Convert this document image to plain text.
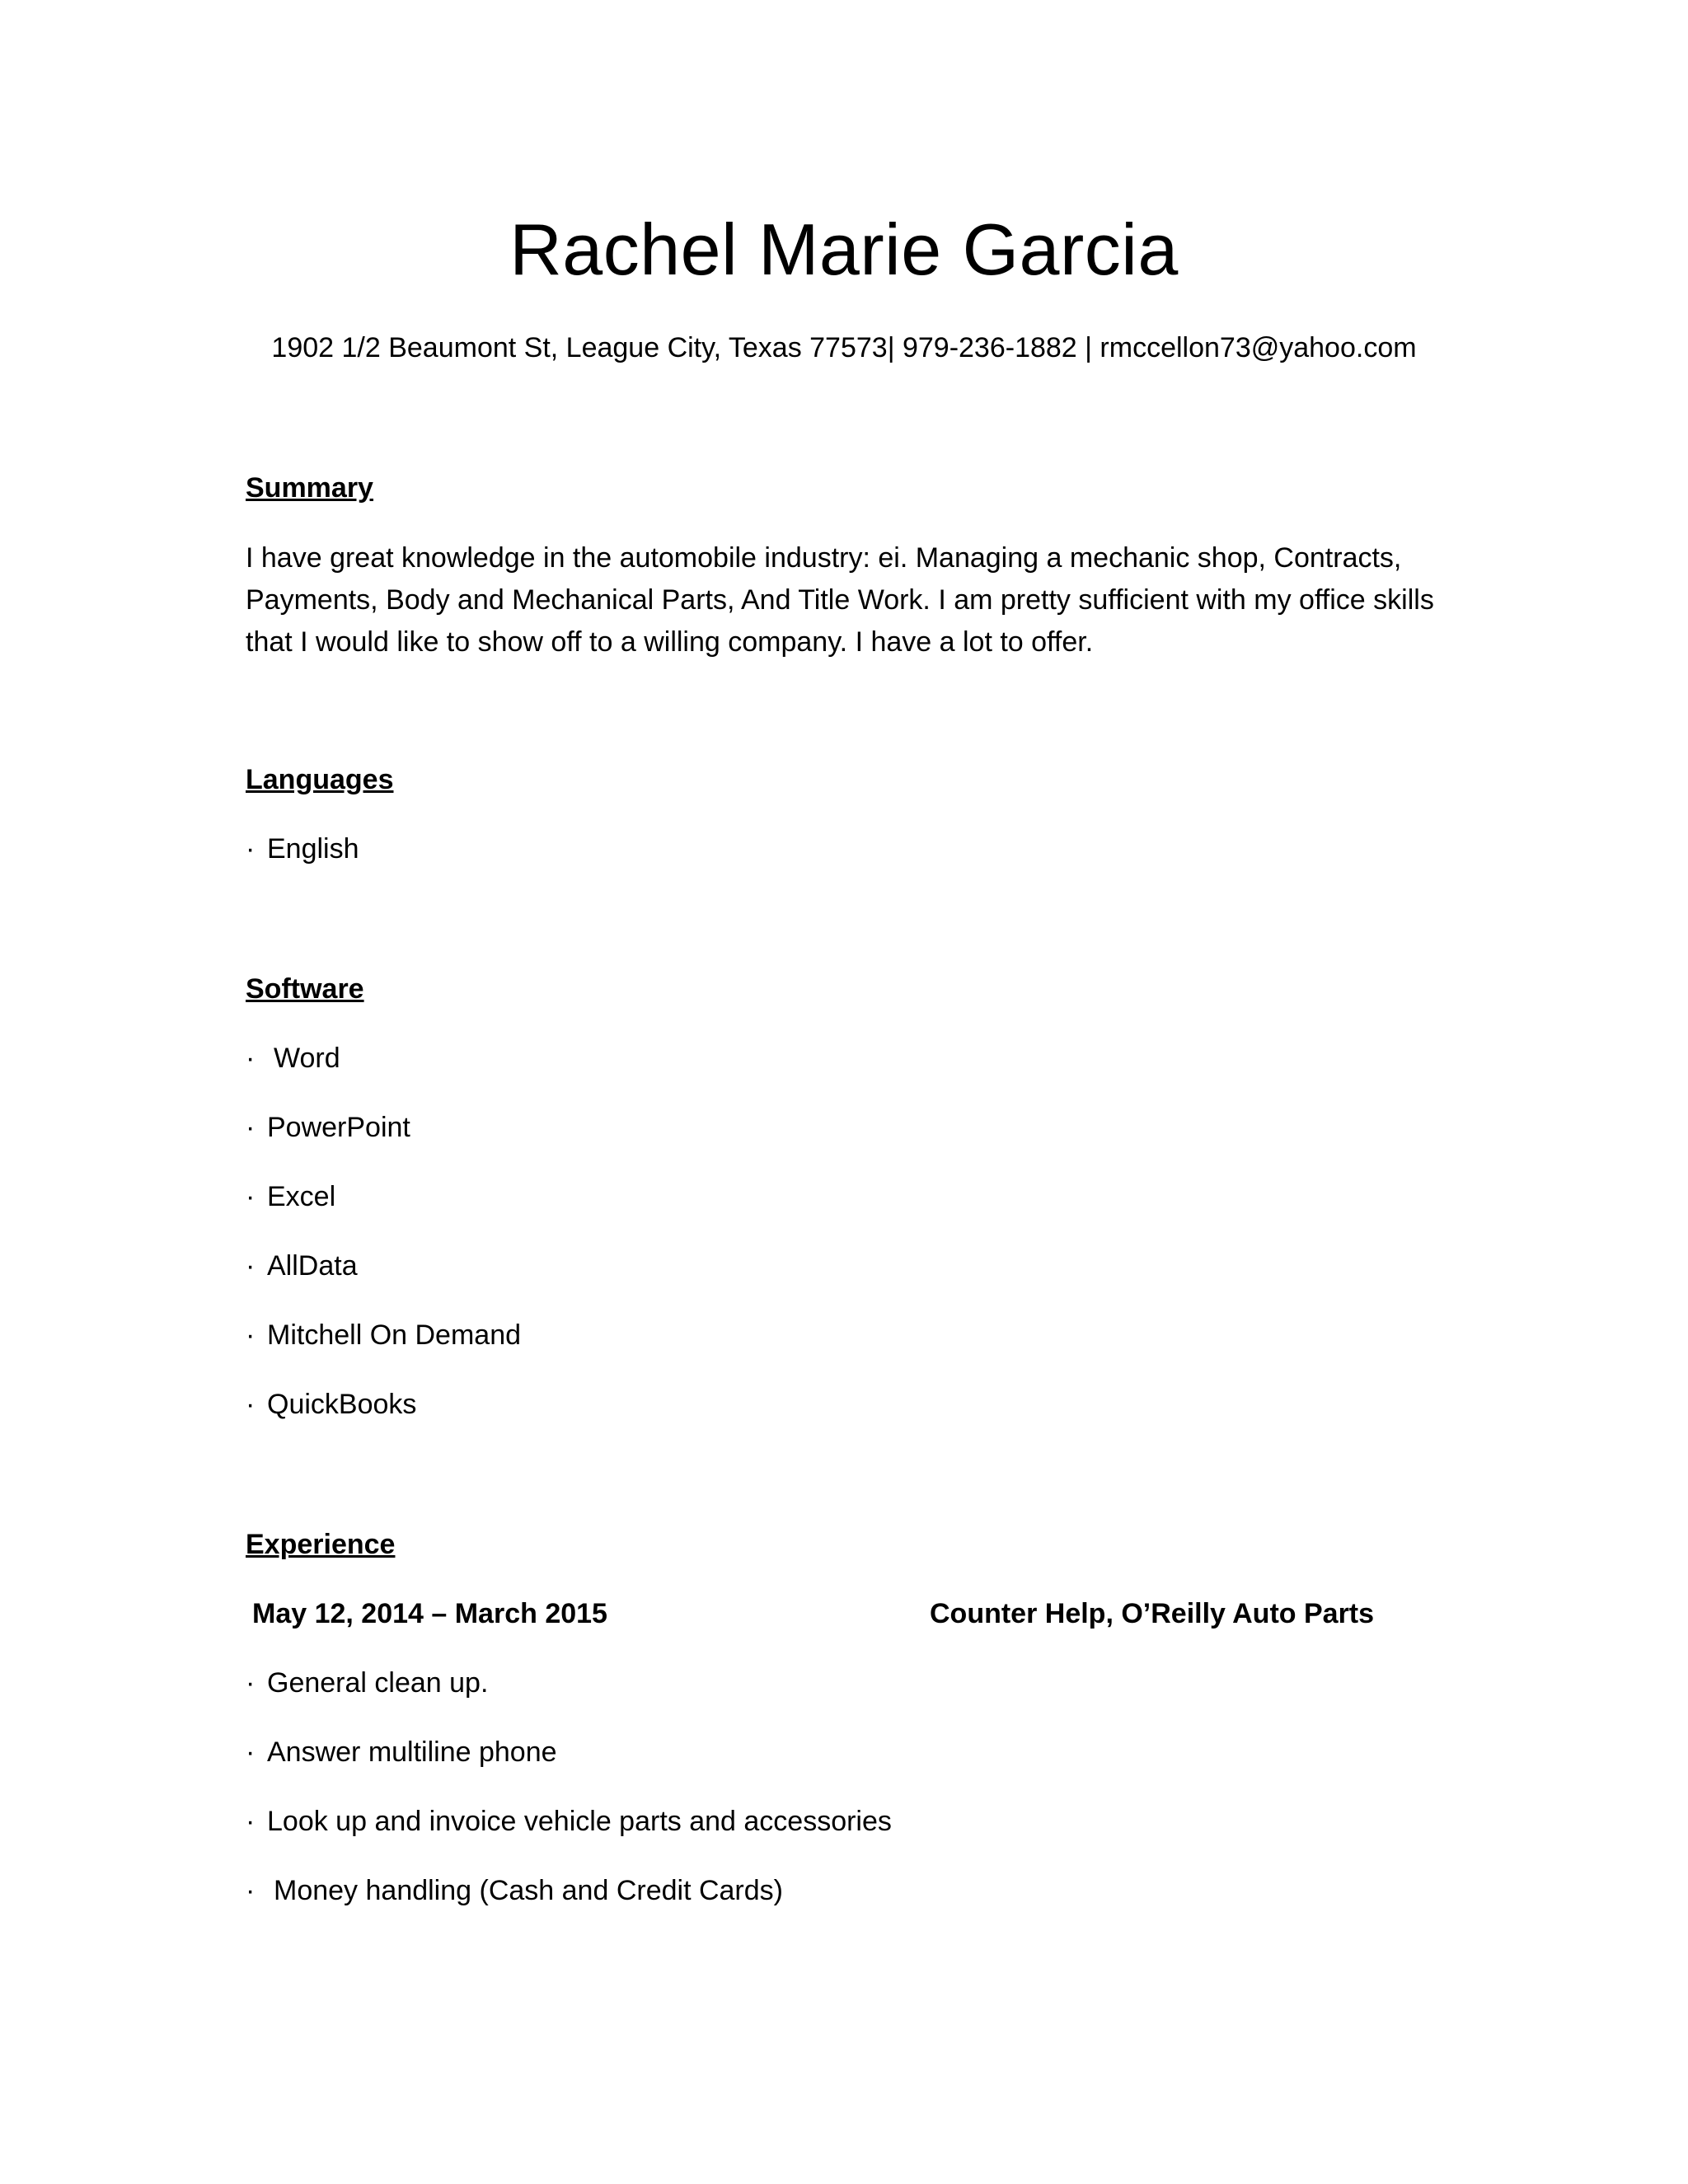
Rachel Marie Garcia

1902 1/2 Beaumont St, League City, Texas 77573| 979-236-1882 | rmccellon73@yahoo.com

Summary

I have great knowledge in the automobile industry: ei. Managing a mechanic shop, Contracts, Payments, Body and Mechanical Parts, And Title Work. I am pretty sufficient with my office skills that I would like to show off to a willing company. I have a lot to offer.

Languages
· English
Software
· Word
· PowerPoint
· Excel
· AllData
· Mitchell On Demand
· QuickBooks
Experience
May 12, 2014 – March 2015	Counter Help, O’Reilly Auto Parts
· General clean up.
· Answer multiline phone
· Look up and invoice vehicle parts and accessories
· Money handling (Cash and Credit Cards)
